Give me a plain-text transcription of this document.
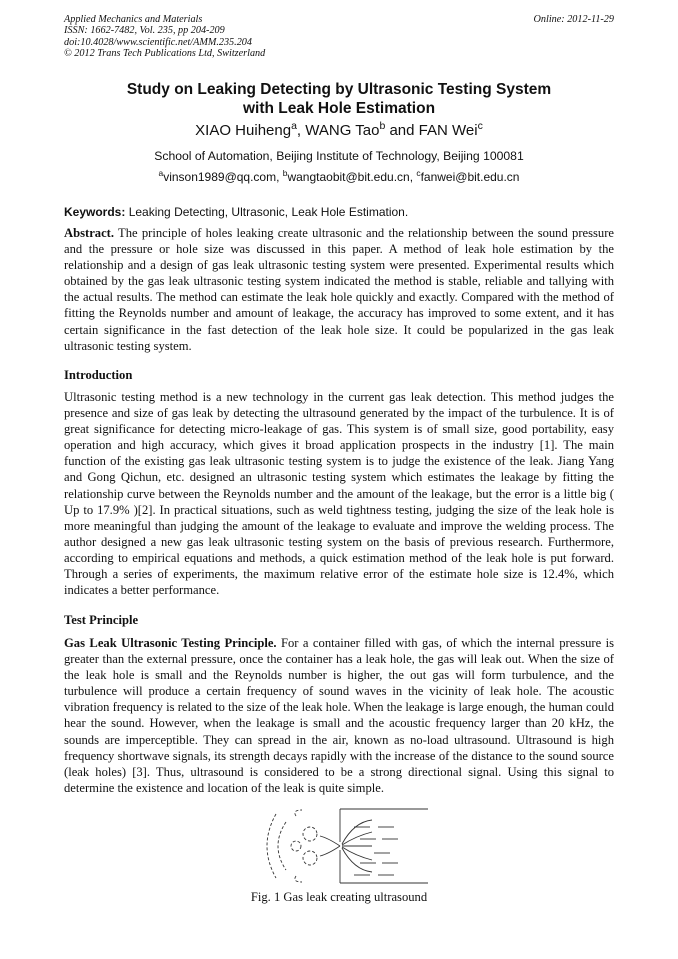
Applied Mechanics and Materials
ISSN: 1662-7482, Vol. 235, pp 204-209
doi:10.4028/www.scientific.net/AMM.235.204
© 2012 Trans Tech Publications Ltd, Switzerland
Online: 2012-11-29
Study on Leaking Detecting by Ultrasonic Testing System
with Leak Hole Estimation
XIAO Huiheng$^a$, WANG Tao$^b$ and FAN Wei$^c$
School of Automation, Beijing Institute of Technology, Beijing 100081
$^a$vinson1989@qq.com, $^b$wangtaobit@bit.edu.cn, $^c$fanwei@bit.edu.cn
Keywords: Leaking Detecting, Ultrasonic, Leak Hole Estimation.
Abstract. The principle of holes leaking create ultrasonic and the relationship between the sound pressure and the pressure or hole size was discussed in this paper. A method of leak hole estimation by the relationship and a design of gas leak ultrasonic testing system were presented. Experimental results which obtained by the gas leak ultrasonic testing system indicated the method is stable, reliable and tallying with the actual results. The method can estimate the leak hole quickly and exactly. Compared with the method of fitting the Reynolds number and amount of leakage, the accuracy has improved to some extent, and it has certain significance in the fast detection of the leak hole size. It could be popularized in the gas leak ultrasonic testing system.
Introduction
Ultrasonic testing method is a new technology in the current gas leak detection. This method judges the presence and size of gas leak by detecting the ultrasound generated by the impact of the turbulence. It is of great significance for detecting micro-leakage of gas. This system is of small size, good portability, easy operation and high accuracy, which gives it broad application prospects in the industry [1]. The main function of the existing gas leak ultrasonic testing system is to judge the existence of the leak. Jiang Yang and Gong Qichun, etc. designed an ultrasonic testing system which estimates the leakage by fitting the relationship curve between the Reynolds number and the amount of the leakage, but the error is a little big ( Up to 17.9% )[2]. In practical situations, such as weld tightness testing, judging the size of the leak hole is more meaningful than judging the amount of the leakage to evaluate and improve the welding process. The author designed a new gas leak ultrasonic testing system on the basis of previous research. Furthermore, according to empirical equations and methods, a quick estimation method of the leak hole is put forward. Through a series of experiments, the maximum relative error of the estimate hole size is 12.4%, which indicates a better performance.
Test Principle
Gas Leak Ultrasonic Testing Principle. For a container filled with gas, of which the internal pressure is greater than the external pressure, once the container has a leak hole, the gas will leak out. When the size of the leak hole is small and the Reynolds number is higher, the out gas will form turbulence, and the turbulence will produce a certain frequency of sound waves in the vicinity of leak hole. The acoustic vibration frequency is related to the size of the leak hole. When the leakage is large enough, the human could hear the sound. However, when the leakage is small and the acoustic frequency larger than 20 kHz, the sounds are imperceptible. They can spread in the air, known as no-load ultrasound. Ultrasound is high frequency shortwave signals, its strength decays rapidly with the increase of the distance to the sound source (leak holes) [3]. Thus, ultrasound is considered to be a strong directional signal. Using this signal to determine the existence and location of the leak is quite simple.
Fig. 1 Gas leak creating ultrasound
